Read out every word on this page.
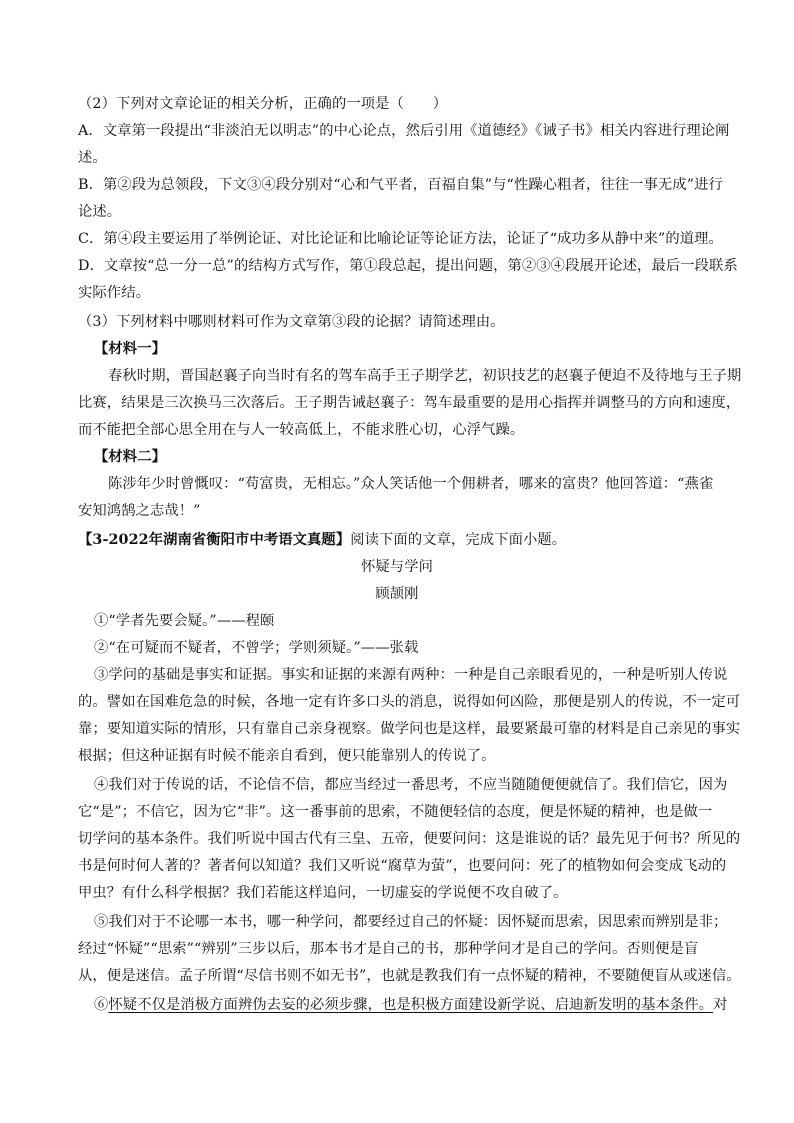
（2）下列对文章论证的相关分析，正确的一项是（　　）
A．文章第一段提出“非淡泊无以明志”的中心论点，然后引用《道德经》《诫子书》相关内容进行理论阐
述。
B．第②段为总领段，下文③④段分别对“心和气平者，百福自集”与“性躁心粗者，往往一事无成”进行
论述。
C．第④段主要运用了举例论证、对比论证和比喻论证等论证方法，论证了“成功多从静中来”的道理。
D．文章按“总一分一总”的结构方式写作，第①段总起，提出问题，第②③④段展开论述，最后一段联系
实际作结。
（3）下列材料中哪则材料可作为文章第③段的论据？请简述理由。
【材料一】
春秋时期，晋国赵襄子向当时有名的驾车高手王子期学艺，初识技艺的赵襄子便迫不及待地与王子期
比赛，结果是三次换马三次落后。王子期告诫赵襄子：驾车最重要的是用心指挥并调整马的方向和速度，
而不能把全部心思全用在与人一较高低上，不能求胜心切，心浮气躁。
【材料二】
陈涉年少时曾慨叹：“苟富贵，无相忘。”众人笑话他一个佣耕者，哪来的富贵？他回答道：“燕雀
安知鸿鹄之志哉！”
【3-2022年湖南省衡阳市中考语文真题】阅读下面的文章，完成下面小题。
怀疑与学问
顾颉刚
①“学者先要会疑。”——程颐
②“在可疑而不疑者，不曾学；学则须疑。”——张载
③学问的基础是事实和证据。事实和证据的来源有两种：一种是自己亲眼看见的，一种是听别人传说
的。譬如在国难危急的时候，各地一定有许多口头的消息，说得如何凶险，那便是别人的传说，不一定可
靠；要知道实际的情形，只有靠自己亲身视察。做学问也是这样，最要紧最可靠的材料是自己亲见的事实
根据；但这种证据有时候不能亲自看到，便只能靠别人的传说了。
④我们对于传说的话，不论信不信，都应当经过一番思考，不应当随随便便就信了。我们信它，因为
它“是”；不信它，因为它“非”。这一番事前的思索，不随便轻信的态度，便是怀疑的精神，也是做一
切学问的基本条件。我们听说中国古代有三皇、五帝，便要问问：这是谁说的话？最先见于何书？所见的
书是何时何人著的？著者何以知道？我们又听说“腐草为萤”，也要问问：死了的植物如何会变成飞动的
甲虫？有什么科学根据？我们若能这样追问，一切虚妄的学说便不攻自破了。
⑤我们对于不论哪一本书，哪一种学问，都要经过自己的怀疑：因怀疑而思索，因思索而辨别是非；
经过“怀疑”“思索”“辨别”三步以后，那本书才是自己的书，那种学问才是自己的学问。否则便是盲
从，便是迷信。孟子所谓“尽信书则不如无书”，也就是教我们有一点怀疑的精神，不要随便盲从或迷信。
⑥怀疑不仅是消极方面辨伪去妄的必须步骤，也是积极方面建设新学说、启迪新发明的基本条件。对
